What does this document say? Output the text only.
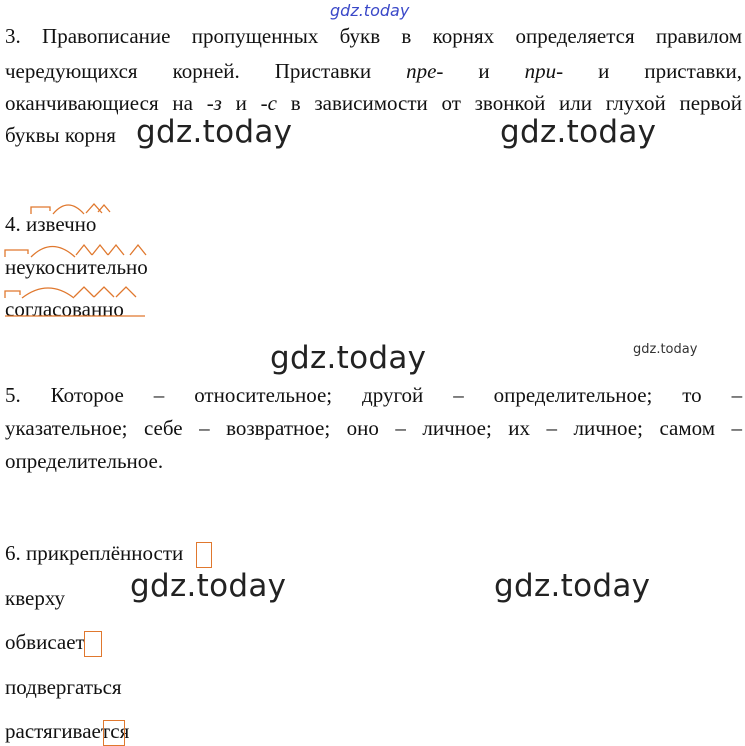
gdz.today
3. Правописание пропущенных букв в корнях определяется правилом
чередующихся корней. Приставки пре- и при- и приставки,
оканчивающиеся на -з и -с в зависимости от звонкой или глухой первой
буквы корня gdz.today	gdz.today
4. извечно
неукоснительно
согласованно
gdz.today	gdz.today
5. Которое – относительное; другой – определительное; то –
указательное; себе – возвратное; оно – личное; их – личное; самом –
определительное.
6. прикреплённости
кверху
обвисает
подвергаться
растягивается
gdz.today	gdz.today
